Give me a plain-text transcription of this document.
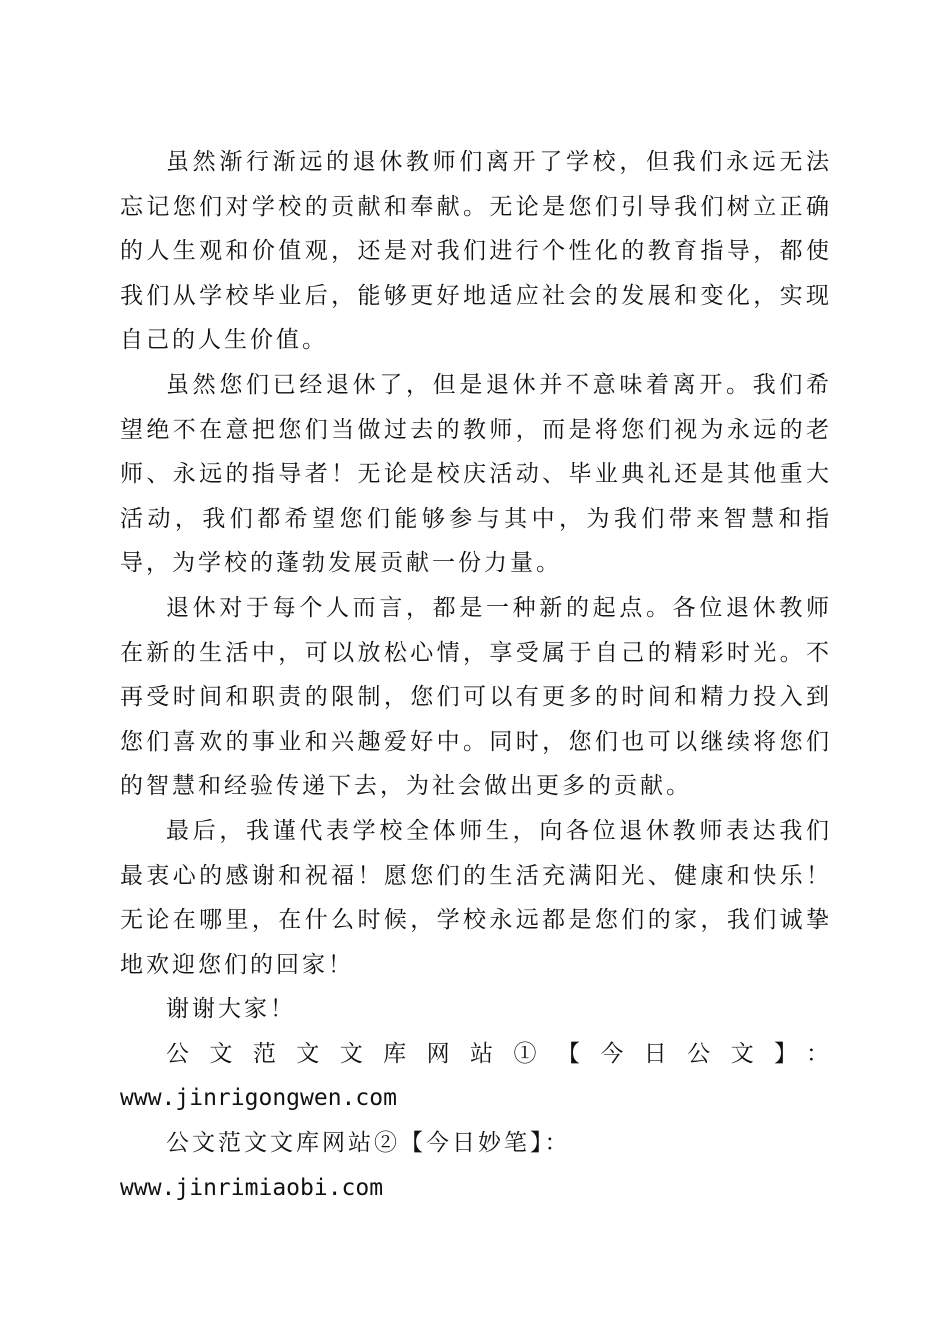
虽然渐行渐远的退休教师们离开了学校，但我们永远无法忘记您们对学校的贡献和奉献。无论是您们引导我们树立正确的人生观和价值观，还是对我们进行个性化的教育指导，都使我们从学校毕业后，能够更好地适应社会的发展和变化，实现自己的人生价值。

虽然您们已经退休了，但是退休并不意味着离开。我们希望绝不在意把您们当做过去的教师，而是将您们视为永远的老师、永远的指导者！无论是校庆活动、毕业典礼还是其他重大活动，我们都希望您们能够参与其中，为我们带来智慧和指导，为学校的蓬勃发展贡献一份力量。

退休对于每个人而言，都是一种新的起点。各位退休教师在新的生活中，可以放松心情，享受属于自己的精彩时光。不再受时间和职责的限制，您们可以有更多的时间和精力投入到您们喜欢的事业和兴趣爱好中。同时，您们也可以继续将您们的智慧和经验传递下去，为社会做出更多的贡献。

最后，我谨代表学校全体师生，向各位退休教师表达我们最衷心的感谢和祝福！愿您们的生活充满阳光、健康和快乐！无论在哪里，在什么时候，学校永远都是您们的家，我们诚挚地欢迎您们的回家！

谢谢大家！

公文范文文库网站①【今日公文】：
www.jinrigongwen.com

公文范文文库网站②【今日妙笔】：www.jinrimiaobi.com
